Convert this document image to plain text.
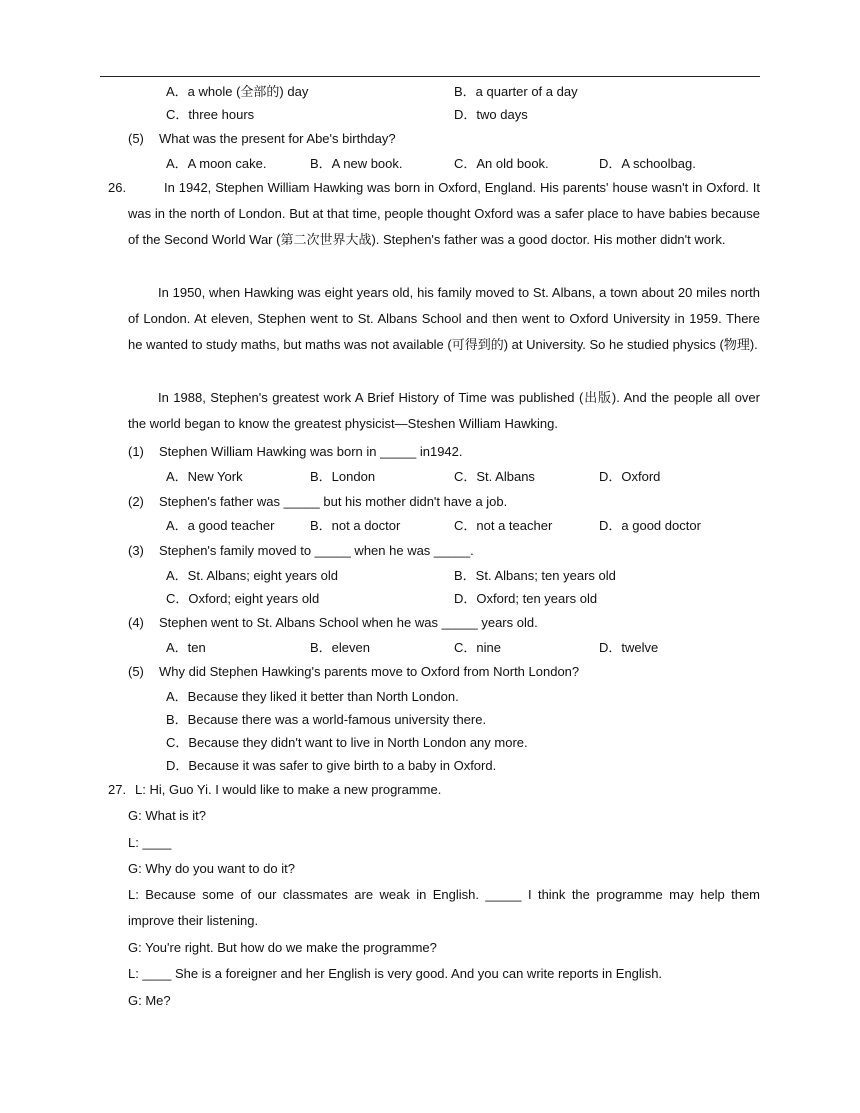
A．a whole (全部的) day	B．a quarter of a day
C．three hours	D．two days
(5) What was the present for Abe's birthday?
A．A moon cake.	B．A new book.	C．An old book.	D．A schoolbag.
26.	In 1942, Stephen William Hawking was born in Oxford, England. His parents' house wasn't in Oxford. It was in the north of London. But at that time, people thought Oxford was a safer place to have babies because of the Second World War (第二次世界大战). Stephen's father was a good doctor. His mother didn't work.
In 1950, when Hawking was eight years old, his family moved to St. Albans, a town about 20 miles north of London. At eleven, Stephen went to St. Albans School and then went to Oxford University in 1959. There he wanted to study maths, but maths was not available (可得到的) at University. So he studied physics (物理).
In 1988, Stephen's greatest work A Brief History of Time was published (出版). And the people all over the world began to know the greatest physicist—Steshen William Hawking.
(1) Stephen William Hawking was born in _____ in1942.
A．New York	B．London	C．St. Albans	D．Oxford
(2) Stephen's father was _____ but his mother didn't have a job.
A．a good teacher	B．not a doctor	C．not a teacher	D．a good doctor
(3) Stephen's family moved to _____ when he was _____.
A．St. Albans; eight years old	B．St. Albans; ten years old
C．Oxford; eight years old	D．Oxford; ten years old
(4) Stephen went to St. Albans School when he was _____ years old.
A．ten	B．eleven	C．nine	D．twelve
(5) Why did Stephen Hawking's parents move to Oxford from North London?
A．Because they liked it better than North London.
B．Because there was a world-famous university there.
C．Because they didn't want to live in North London any more.
D．Because it was safer to give birth to a baby in Oxford.
27. L: Hi, Guo Yi. I would like to make a new programme.
G: What is it?
L: ____
G: Why do you want to do it?
L: Because some of our classmates are weak in English. _____ I think the programme may help them improve their listening.
G: You're right. But how do we make the programme?
L: ____ She is a foreigner and her English is very good. And you can write reports in English.
G: Me?
